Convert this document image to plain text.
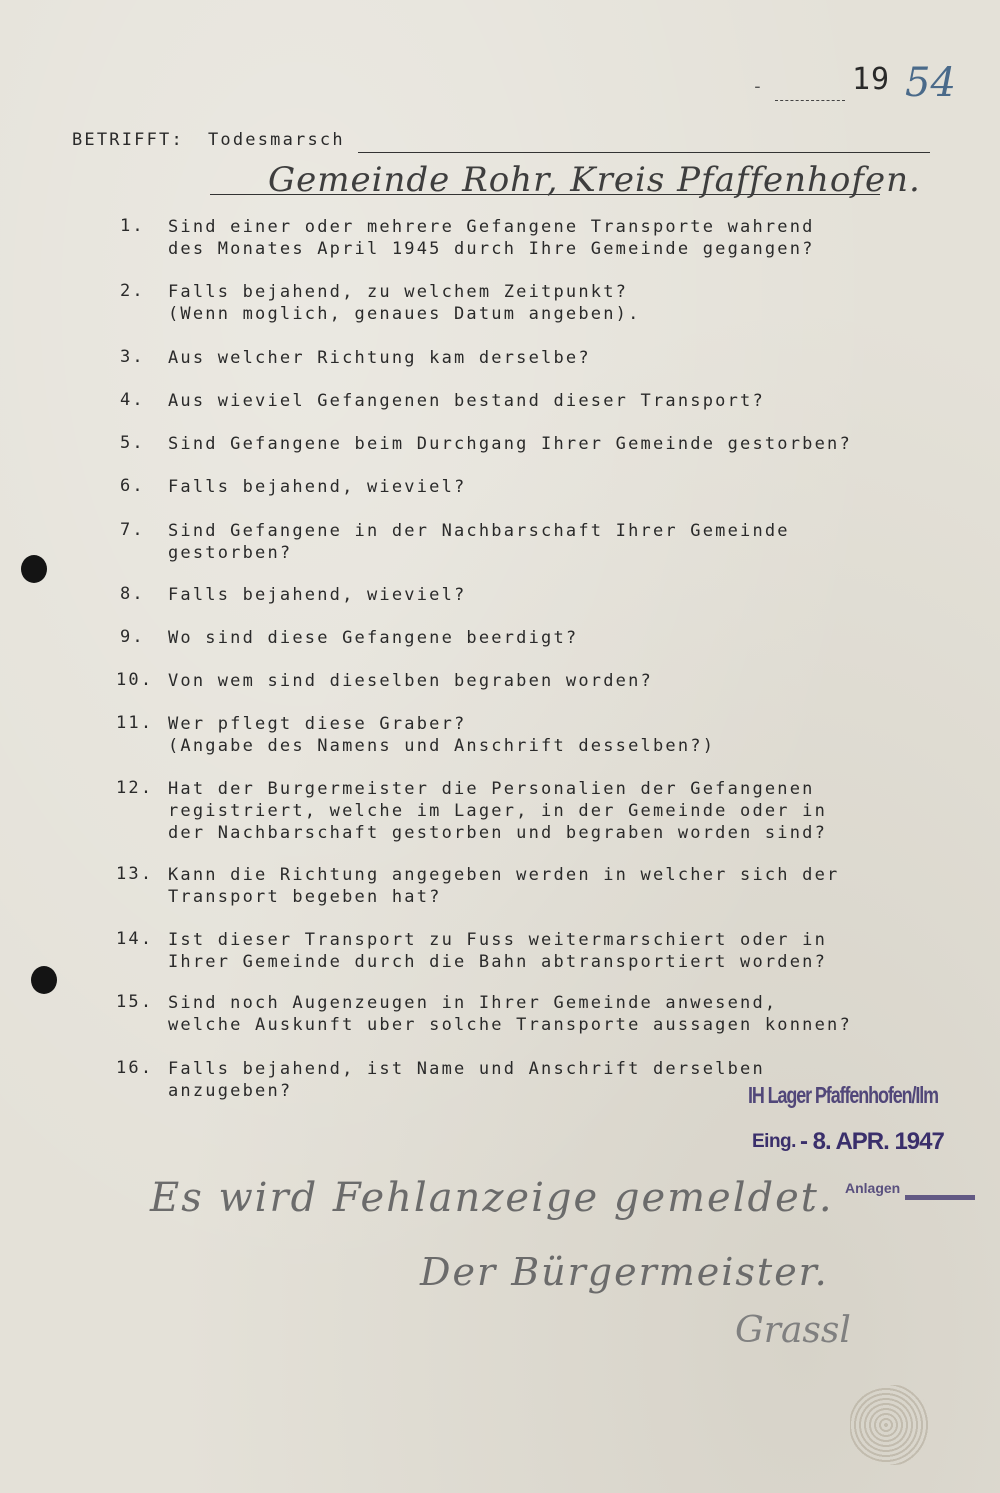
-	19 54
BETRIFFT: Todesmarsch
Gemeinde Rohr, Kreis Pfaffenhofen.
1.	Sind einer oder mehrere Gefangene Transporte wahrend
des Monates April 1945 durch Ihre Gemeinde gegangen?
2.	Falls bejahend, zu welchem Zeitpunkt?
(Wenn moglich, genaues Datum angeben).
3.	Aus welcher Richtung kam derselbe?
4.	Aus wieviel Gefangenen bestand dieser Transport?
5.	Sind Gefangene beim Durchgang Ihrer Gemeinde gestorben?
6.	Falls bejahend, wieviel?
7.	Sind Gefangene in der Nachbarschaft Ihrer Gemeinde
gestorben?
8.	Falls bejahend, wieviel?
9.	Wo sind diese Gefangene beerdigt?
10. Von wem sind dieselben begraben worden?
11. Wer pflegt diese Graber?
(Angabe des Namens und Anschrift desselben?)
12. Hat der Burgermeister die Personalien der Gefangenen
registriert, welche im Lager, in der Gemeinde oder in
der Nachbarschaft gestorben und begraben worden sind?
13. Kann die Richtung angegeben werden in welcher sich der
Transport begeben hat?
14. Ist dieser Transport zu Fuss weitermarschiert oder in
Ihrer Gemeinde durch die Bahn abtransportiert worden?
15. Sind noch Augenzeugen in Ihrer Gemeinde anwesend,
welche Auskunft uber solche Transporte aussagen konnen?
16. Falls bejahend, ist Name und Anschrift derselben
anzugeben?	IH Lager Pfaffenhofen/Ilm
Eing. - 8. APR. 1947
Anlagen
Es wird Fehlanzeige gemeldet.
Der Bürgermeister.
Grassl
